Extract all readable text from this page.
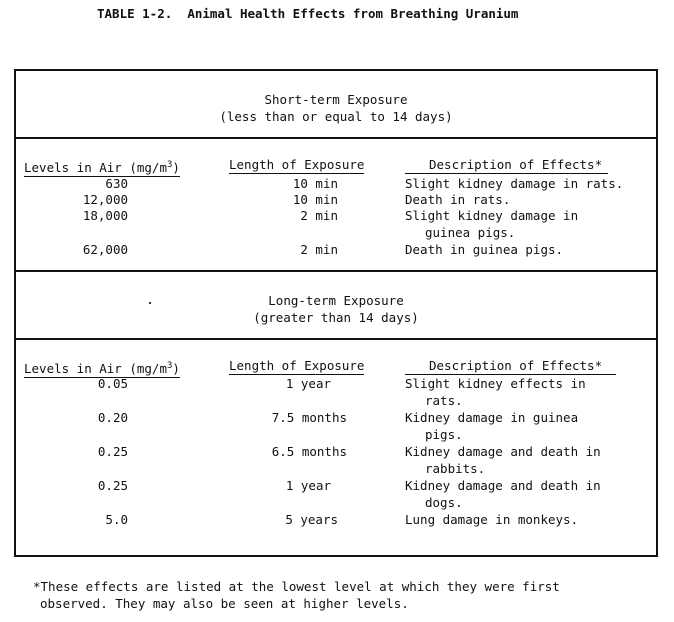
TABLE 1-2. Animal Health Effects from Breathing Uranium
Short-term Exposure
(less than or equal to 14 days)
Levels in Air $(mg/m^3)$	Length of Exposure	Description of Effects*
630	10 min	Slight kidney damage in rats.
12,000	10 min	Death in rats.
18,000	2 min	Slight kidney damage in
guinea pigs.
62,000	2 min	Death in guinea pigs.
Long-term Exposure
(greater than 14 days)
Levels in Air $(mg/m^3)$	Length of Exposure	Description of Effects*
0.05	1 year	Slight kidney effects in
rats.
0.20	7.5 months	Kidney damage in guinea
pigs.
0.25	6.5 months	Kidney damage and death in
rabbits.
0.25	1 year	Kidney damage and death in
dogs.
5.0	5 years	Lung damage in monkeys.
*These effects are listed at the lowest level at which they were first
observed. They may also be seen at higher levels.
